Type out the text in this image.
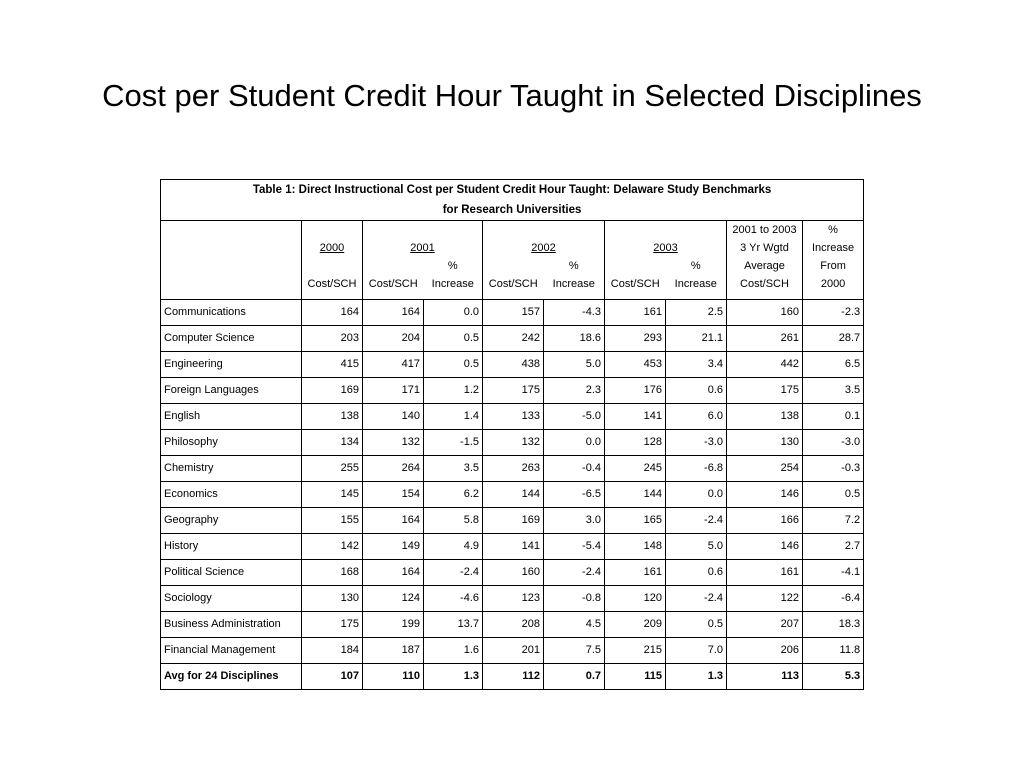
Cost per Student Credit Hour Taught in Selected Disciplines
Table 1: Direct Instructional Cost per Student Credit Hour Taught: Delaware Study Benchmarks
for Research Universities									

								2001 to 2003	%
	2000	2001		2002		2003		3 Yr Wgtd	Increase
			%		%		%	Average	From
	Cost/SCH	Cost/SCH	Increase	Cost/SCH	Increase	Cost/SCH	Increase	Cost/SCH	2000

Communications	164	164	0.0	157	-4.3	161	2.5	160	-2.3
Computer Science	203	204	0.5	242	18.6	293	21.1	261	28.7
Engineering	415	417	0.5	438	5.0	453	3.4	442	6.5
Foreign Languages	169	171	1.2	175	2.3	176	0.6	175	3.5
English	138	140	1.4	133	-5.0	141	6.0	138	0.1
Philosophy	134	132	-1.5	132	0.0	128	-3.0	130	-3.0
Chemistry	255	264	3.5	263	-0.4	245	-6.8	254	-0.3
Economics	145	154	6.2	144	-6.5	144	0.0	146	0.5
Geography	155	164	5.8	169	3.0	165	-2.4	166	7.2
History	142	149	4.9	141	-5.4	148	5.0	146	2.7
Political Science	168	164	-2.4	160	-2.4	161	0.6	161	-4.1
Sociology	130	124	-4.6	123	-0.8	120	-2.4	122	-6.4
Business Administration	175	199	13.7	208	4.5	209	0.5	207	18.3
Financial Management	184	187	1.6	201	7.5	215	7.0	206	11.8
Avg for 24 Disciplines	107	110	1.3	112	0.7	115	1.3	113	5.3
